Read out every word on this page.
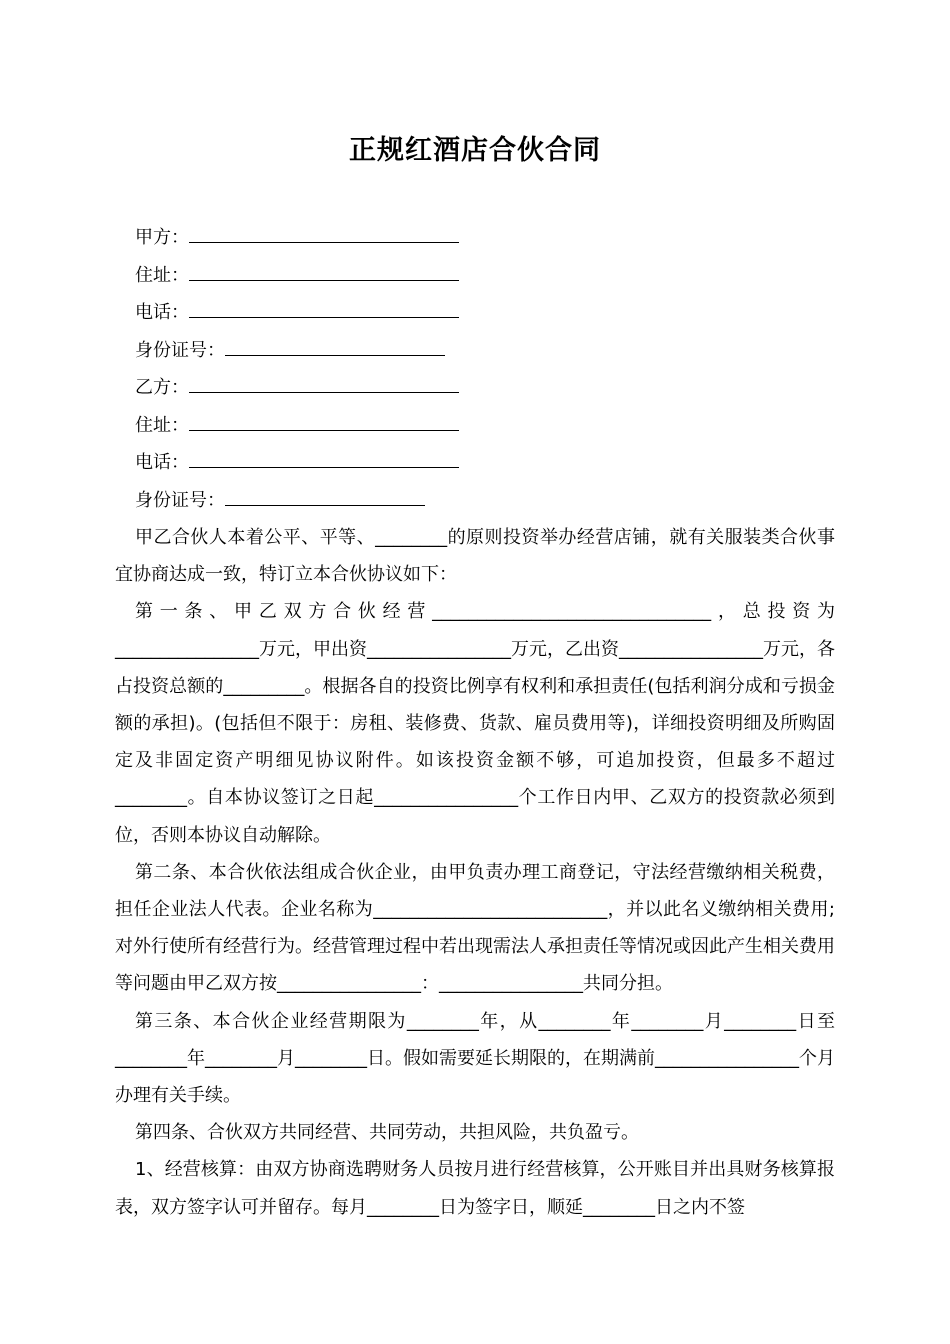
正规红酒店合伙合同
甲方：
住址：
电话：
身份证号：
乙方：
住址：
电话：
身份证号：

甲乙合伙人本着公平、平等、________的原则投资举办经营店铺，就有关服装类合伙事宜协商达成一致，特订立本合伙协议如下：

第一条、甲乙双方合伙经营_______________________________，总投资为________________万元，甲出资________________万元，乙出资________________万元，各占投资总额的_________。根据各自的投资比例享有权利和承担责任(包括利润分成和亏损金额的承担)。(包括但不限于：房租、装修费、货款、雇员费用等)，详细投资明细及所购固定及非固定资产明细见协议附件。如该投资金额不够，可追加投资，但最多不超过________。自本协议签订之日起________________个工作日内甲、乙双方的投资款必须到位，否则本协议自动解除。

第二条、本合伙依法组成合伙企业，由甲负责办理工商登记，守法经营缴纳相关税费，担任企业法人代表。企业名称为__________________________，并以此名义缴纳相关费用;对外行使所有经营行为。经营管理过程中若出现需法人承担责任等情况或因此产生相关费用等问题由甲乙双方按________________：________________共同分担。

第三条、本合伙企业经营期限为________年，从________年________月________日至________年________月________日。假如需要延长期限的，在期满前________________个月办理有关手续。

第四条、合伙双方共同经营、共同劳动，共担风险，共负盈亏。

1、经营核算：由双方协商选聘财务人员按月进行经营核算，公开账目并出具财务核算报表，双方签字认可并留存。每月________日为签字日，顺延________日之内不签
